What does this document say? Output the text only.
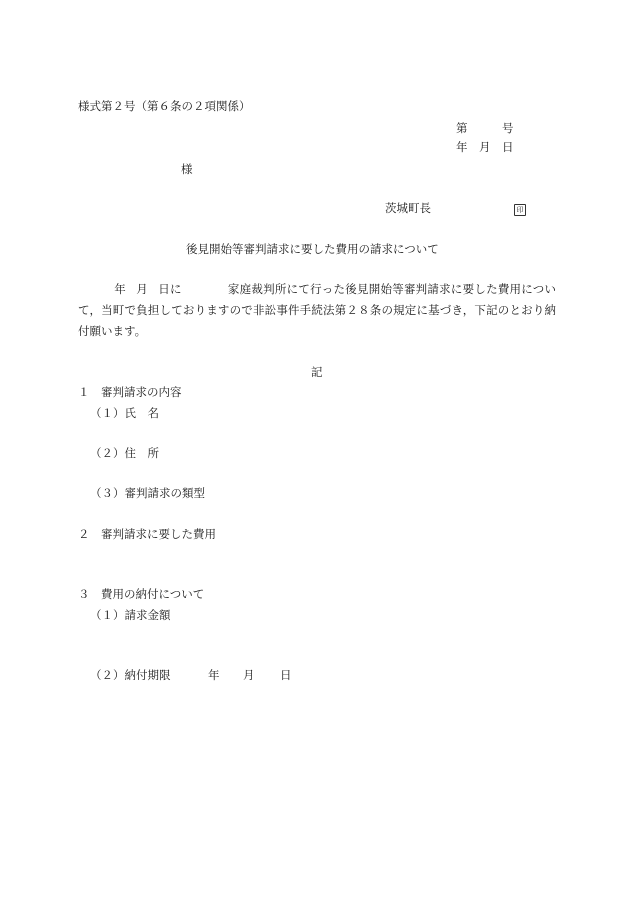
様式第２号（第６条の２項関係）
第　　　号
年　月　日
様
茨城町長	印
後見開始等審判請求に要した費用の請求について
年 月 日に	家庭裁判所にて行った後見開始等審判請求に要した費用について，当町で負担しておりますので非訟事件手続法第２８条の規定に基づき，下記のとおり納付願います。
記
１　審判請求の内容
（１）氏　名
（２）住　所
（３）審判請求の類型
２　審判請求に要した費用
３　費用の納付について
（１）請求金額
（２）納付期限	年 月 日
